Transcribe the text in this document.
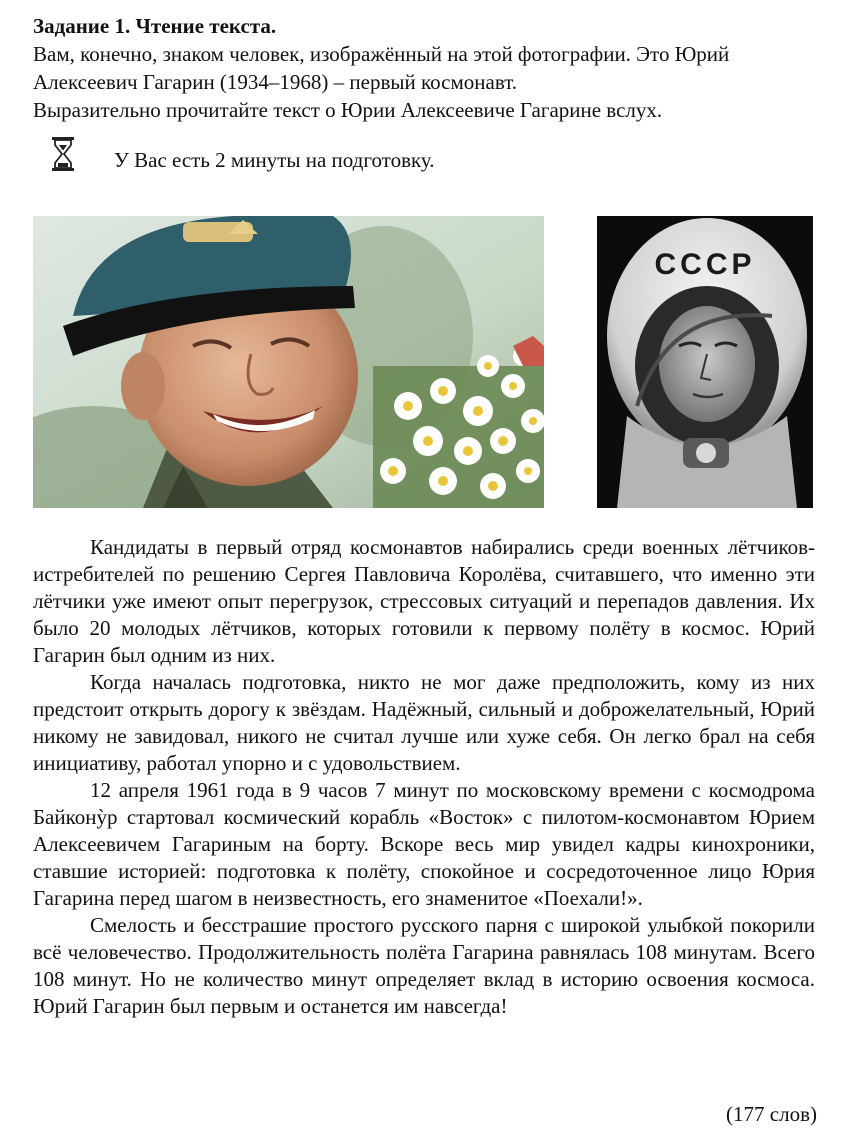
Задание 1. Чтение текста.

Вам, конечно, знаком человек, изображённый на этой фотографии. Это Юрий Алексеевич Гагарин (1934–1968) – первый космонавт.

Выразительно прочитайте текст о Юрии Алексеевиче Гагарине вслух.

У Вас есть 2 минуты на подготовку.
CCCP

Кандидаты в первый отряд космонавтов набирались среди военных лётчиков-истребителей по решению Сергея Павловича Королёва, считавшего, что именно эти лётчики уже имеют опыт перегрузок, стрессовых ситуаций и перепадов давления. Их было 20 молодых лётчиков, которых готовили к первому полёту в космос. Юрий Гагарин был одним из них.

Когда началась подготовка, никто не мог даже предположить, кому из них предстоит открыть дорогу к звёздам. Надёжный, сильный и доброжелательный, Юрий никому не завидовал, никого не считал лучше или хуже себя. Он легко брал на себя инициативу, работал упорно и с удовольствием.

12 апреля 1961 года в 9 часов 7 минут по московскому времени с космодрома Байконỳр стартовал космический корабль «Восток» с пилотом-космонавтом Юрием Алексеевичем Гагариным на борту. Вскоре весь мир увидел кадры кинохроники, ставшие историей: подготовка к полёту, спокойное и сосредоточенное лицо Юрия Гагарина перед шагом в неизвестность, его знаменитое «Поехали!».

Смелость и бесстрашие простого русского парня с широкой улыбкой покорили всё человечество. Продолжительность полёта Гагарина равнялась 108 минутам. Всего 108 минут. Но не количество минут определяет вклад в историю освоения космоса. Юрий Гагарин был первым и останется им навсегда!

(177 слов)
